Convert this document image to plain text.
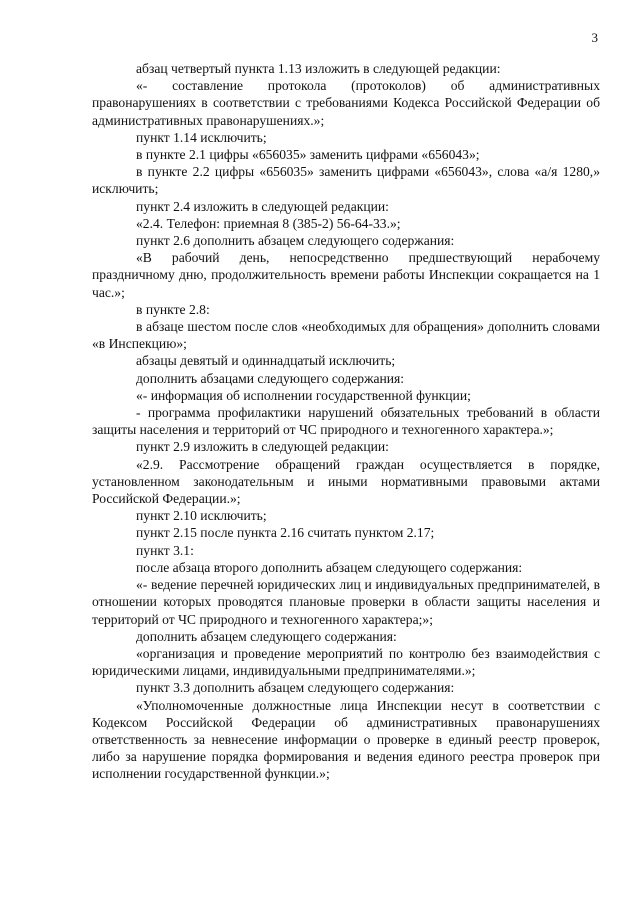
3

абзац четвертый пункта 1.13 изложить в следующей редакции:

«- составление протокола (протоколов) об административных правонарушениях в соответствии с требованиями Кодекса Российской Федерации об административных правонарушениях.»;

пункт 1.14 исключить;

в пункте 2.1 цифры «656035» заменить цифрами «656043»;

в пункте 2.2 цифры «656035» заменить цифрами «656043», слова «а/я 1280,» исключить;

пункт 2.4 изложить в следующей редакции:

«2.4. Телефон: приемная 8 (385-2) 56-64-33.»;

пункт 2.6 дополнить абзацем следующего содержания:

«В рабочий день, непосредственно предшествующий нерабочему праздничному дню, продолжительность времени работы Инспекции сокращается на 1 час.»;

в пункте 2.8:

в абзаце шестом после слов «необходимых для обращения» дополнить словами «в Инспекцию»;

абзацы девятый и одиннадцатый исключить;

дополнить абзацами следующего содержания:

«- информация об исполнении государственной функции;

- программа профилактики нарушений обязательных требований в области защиты населения и территорий от ЧС природного и техногенного характера.»;

пункт 2.9 изложить в следующей редакции:

«2.9. Рассмотрение обращений граждан осуществляется в порядке, установленном законодательным и иными нормативными правовыми актами Российской Федерации.»;

пункт 2.10 исключить;

пункт 2.15 после пункта 2.16 считать пунктом 2.17;

пункт 3.1:

после абзаца второго дополнить абзацем следующего содержания:

«- ведение перечней юридических лиц и индивидуальных предпринимателей, в отношении которых проводятся плановые проверки в области защиты населения и территорий от ЧС природного и техногенного характера;»;

дополнить абзацем следующего содержания:

«организация и проведение мероприятий по контролю без взаимодействия с юридическими лицами, индивидуальными предпринимателями.»;

пункт 3.3 дополнить абзацем следующего содержания:

«Уполномоченные должностные лица Инспекции несут в соответствии с Кодексом Российской Федерации об административных правонарушениях ответственность за невнесение информации о проверке в единый реестр проверок, либо за нарушение порядка формирования и ведения единого реестра проверок при исполнении государственной функции.»;
